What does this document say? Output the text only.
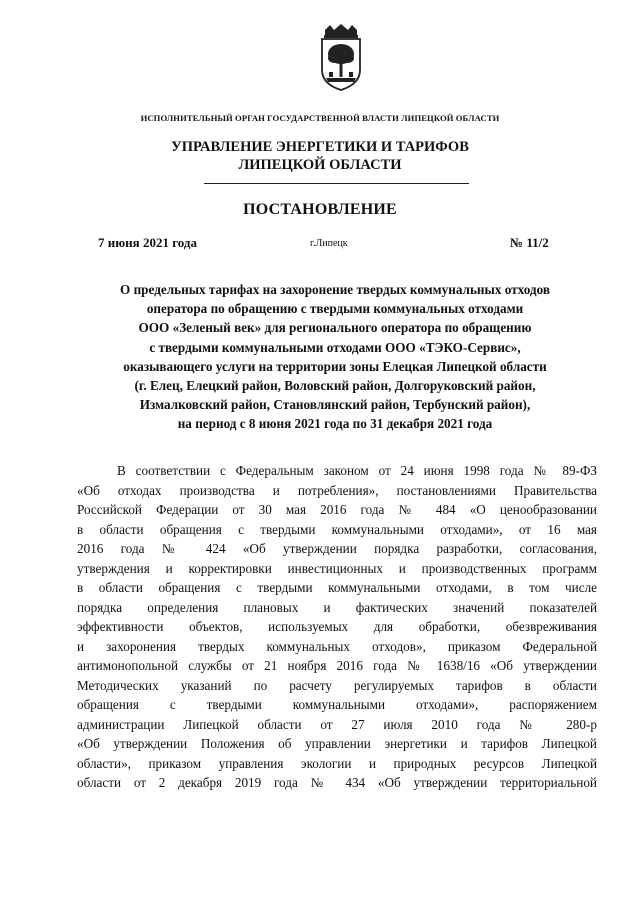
ИСПОЛНИТЕЛЬНЫЙ ОРГАН ГОСУДАРСТВЕННОЙ ВЛАСТИ ЛИПЕЦКОЙ ОБЛАСТИ
УПРАВЛЕНИЕ ЭНЕРГЕТИКИ И ТАРИФОВ
ЛИПЕЦКОЙ ОБЛАСТИ
ПОСТАНОВЛЕНИЕ
7 июня 2021 года	г.Липецк	№ 11/2
О предельных тарифах на захоронение твердых коммунальных отходов
оператора по обращению с твердыми коммунальных отходами
ООО «Зеленый век» для регионального оператора по обращению
с твердыми коммунальными отходами ООО «ТЭКО-Сервис»,
оказывающего услуги на территории зоны Елецкая Липецкой области
(г. Елец, Елецкий район, Воловский район, Долгоруковский район,
Измалковский район, Становлянский район, Тербунский район),
на период с 8 июня 2021 года по 31 декабря 2021 года
В соответствии с Федеральным законом от 24 июня 1998 года № 89-ФЗ
«Об отходах производства и потребления», постановлениями Правительства
Российской Федерации от 30 мая 2016 года № 484 «О ценообразовании
в области обращения с твердыми коммунальными отходами», от 16 мая
2016 года № 424 «Об утверждении порядка разработки, согласования,
утверждения и корректировки инвестиционных и производственных программ
в области обращения с твердыми коммунальными отходами, в том числе
порядка определения плановых и фактических значений показателей
эффективности объектов, используемых для обработки, обезвреживания
и захоронения твердых коммунальных отходов», приказом Федеральной
антимонопольной службы от 21 ноября 2016 года № 1638/16 «Об утверждении
Методических указаний по расчету регулируемых тарифов в области
обращения с твердыми коммунальными отходами», распоряжением
администрации Липецкой области от 27 июля 2010 года № 280-р
«Об утверждении Положения об управлении энергетики и тарифов Липецкой
области», приказом управления экологии и природных ресурсов Липецкой
области от 2 декабря 2019 года № 434 «Об утверждении территориальной
